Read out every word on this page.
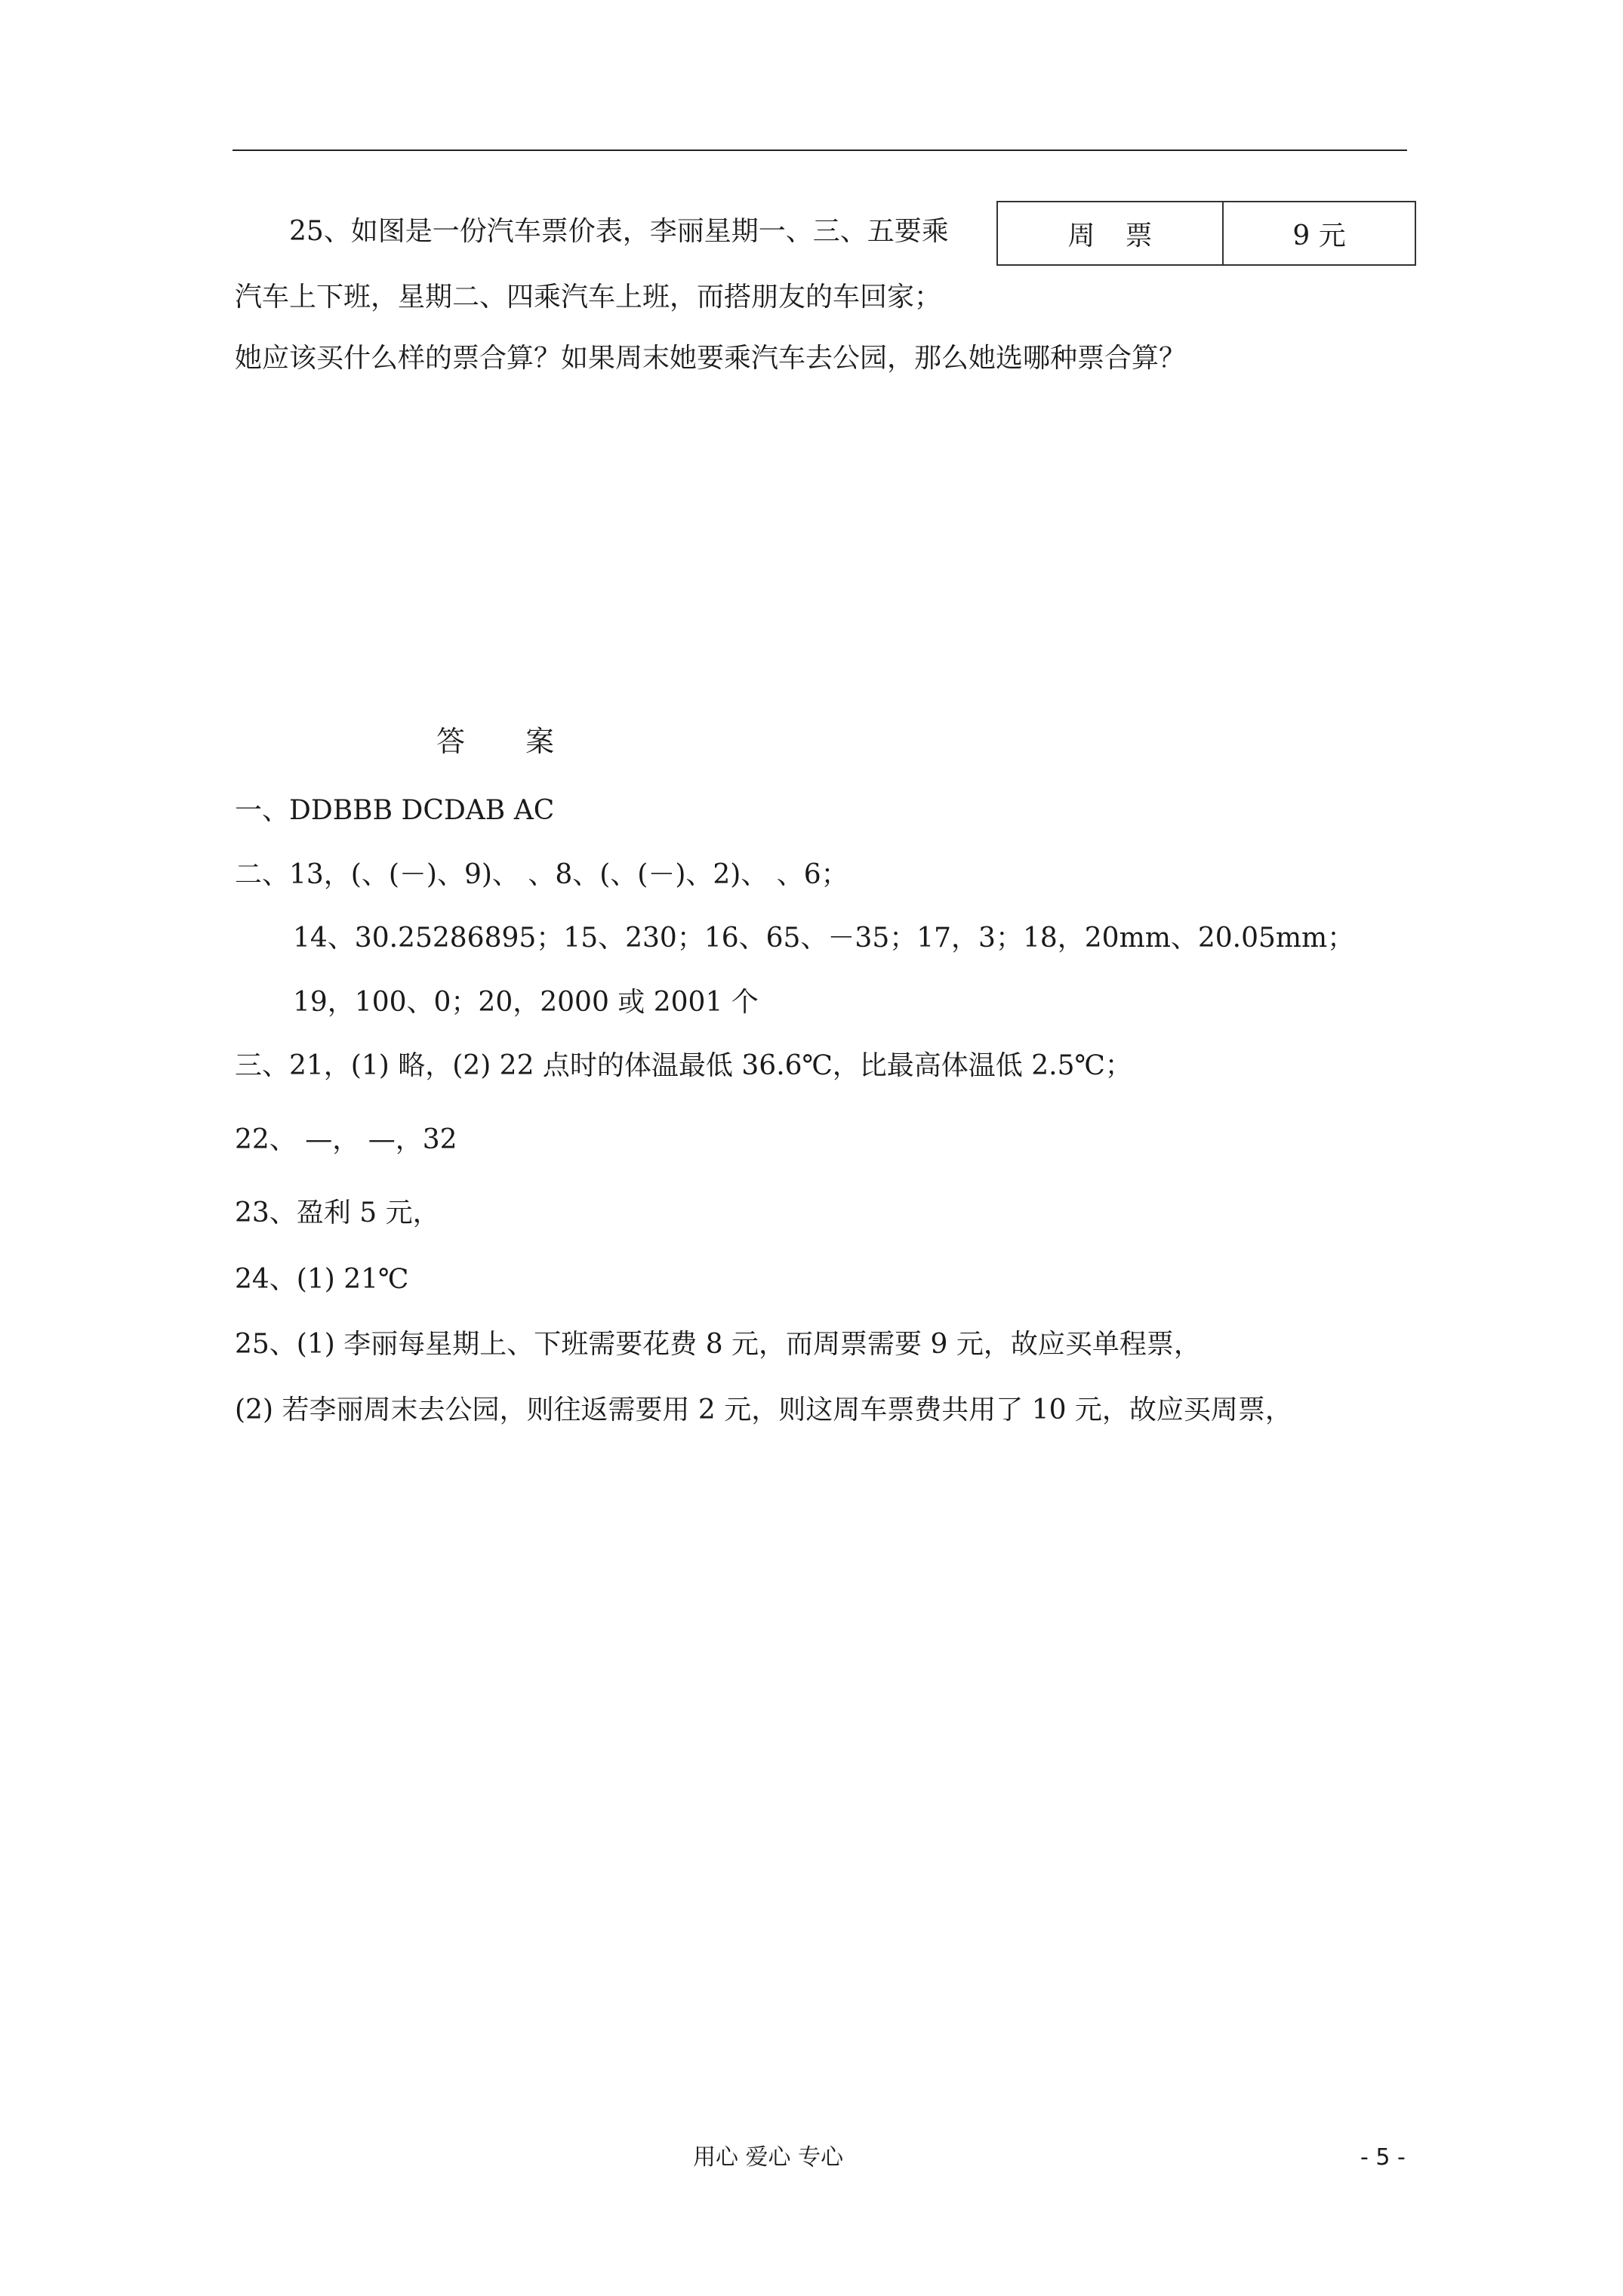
25、如图是一份汽车票价表，李丽星期一、三、五要乘	周票	9 元
汽车上下班，星期二、四乘汽车上班，而搭朋友的车回家；
她应该买什么样的票合算？如果周末她要乘汽车去公园，那么她选哪种票合算？
答案
一、DDBBB DCDAB AC
二、13，(、(－)、9)、 、8、(、(－)、2)、 、6；
14、30.25286895；15、230；16、65、－35；17，3；18，20mm、20.05mm；
19，100、0；20，2000 或 2001 个
三、21，(1) 略，(2) 22 点时的体温最低 36.6℃，比最高体温低 2.5℃；
22、 —， —，32
23、盈利 5 元，
24、(1) 21℃
25、(1) 李丽每星期上、下班需要花费 8 元，而周票需要 9 元，故应买单程票，
(2) 若李丽周末去公园，则往返需要用 2 元，则这周车票费共用了 10 元，故应买周票，
用心 爱心 专心	- 5 -
